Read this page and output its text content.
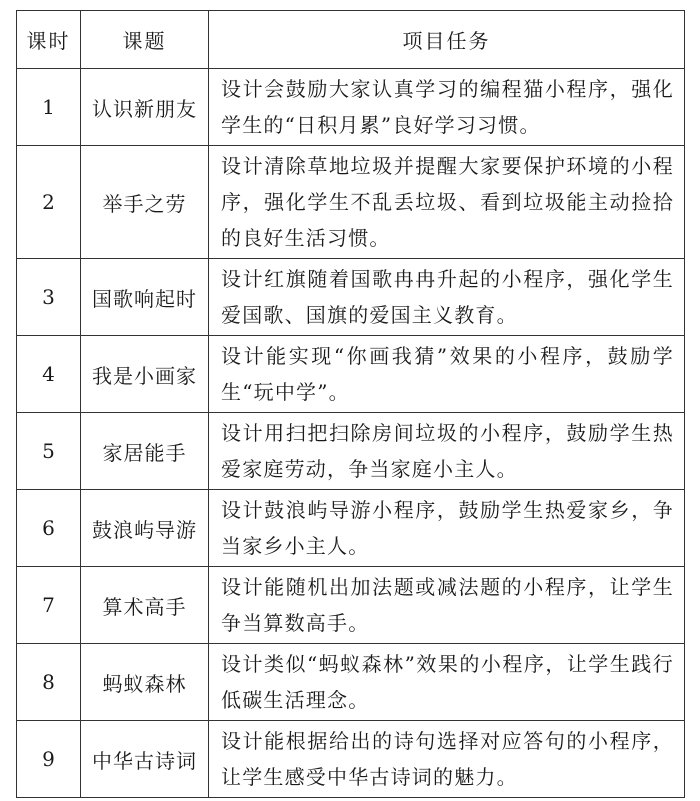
课时	课题	项目任务
1	认识新朋友	设计会鼓励大家认真学习的编程猫小程序，强化学生的“日积月累”良好学习习惯。
2	举手之劳	设计清除草地垃圾并提醒大家要保护环境的小程序，强化学生不乱丢垃圾、看到垃圾能主动捡拾的良好生活习惯。
3	国歌响起时	设计红旗随着国歌冉冉升起的小程序，强化学生爱国歌、国旗的爱国主义教育。
4	我是小画家	设计能实现“你画我猜”效果的小程序，鼓励学生“玩中学”。
5	家居能手	设计用扫把扫除房间垃圾的小程序，鼓励学生热爱家庭劳动，争当家庭小主人。
6	鼓浪屿导游	设计鼓浪屿导游小程序，鼓励学生热爱家乡，争当家乡小主人。
7	算术高手	设计能随机出加法题或减法题的小程序，让学生争当算数高手。
8	蚂蚁森林	设计类似“蚂蚁森林”效果的小程序，让学生践行低碳生活理念。
9	中华古诗词	设计能根据给出的诗句选择对应答句的小程序，让学生感受中华古诗词的魅力。
